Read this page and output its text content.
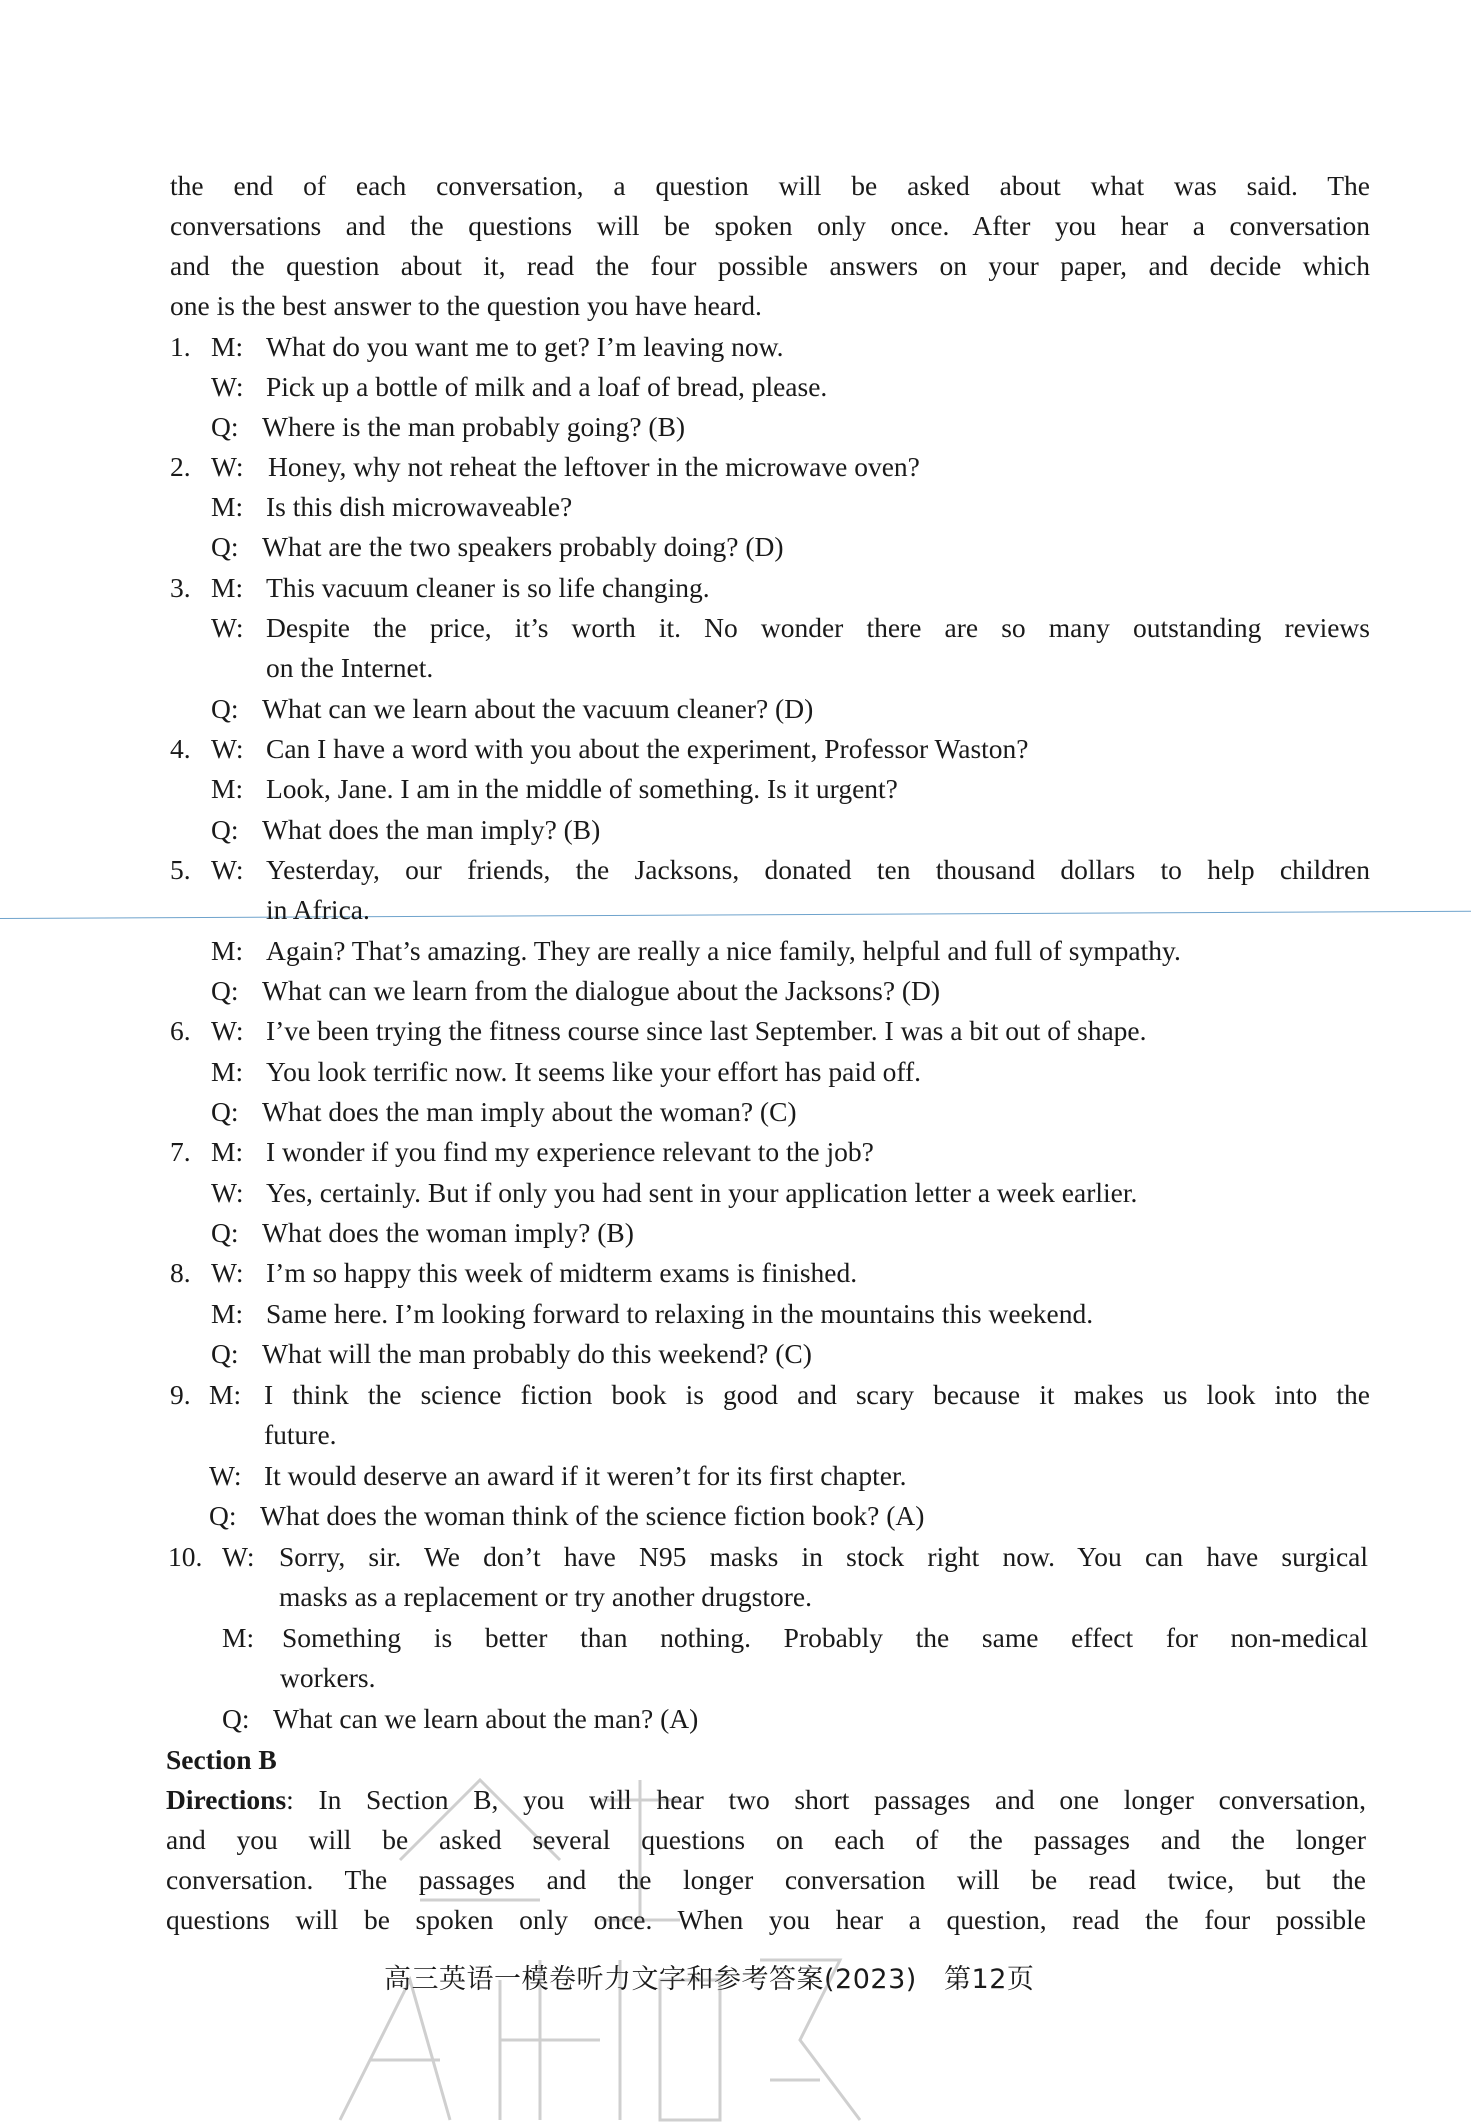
the end of each conversation, a question will be asked about what was said. The
conversations and the questions will be spoken only once. After you hear a conversation
and the question about it, read the four possible answers on your paper, and decide which
one is the best answer to the question you have heard.
1. M: What do you want me to get? I’m leaving now.
W: Pick up a bottle of milk and a loaf of bread, please.
Q: Where is the man probably going? (B)
2. W: Honey, why not reheat the leftover in the microwave oven?
M: Is this dish microwaveable?
Q: What are the two speakers probably doing? (D)
3. M: This vacuum cleaner is so life changing.
W: Despite the price, it’s worth it. No wonder there are so many outstanding reviews
on the Internet.
Q: What can we learn about the vacuum cleaner? (D)
4. W: Can I have a word with you about the experiment, Professor Waston?
M: Look, Jane. I am in the middle of something. Is it urgent?
Q: What does the man imply? (B)
5. W: Yesterday, our friends, the Jacksons, donated ten thousand dollars to help children
in Africa.
M: Again? That’s amazing. They are really a nice family, helpful and full of sympathy.
Q: What can we learn from the dialogue about the Jacksons? (D)
6. W: I’ve been trying the fitness course since last September. I was a bit out of shape.
M: You look terrific now. It seems like your effort has paid off.
Q: What does the man imply about the woman? (C)
7. M: I wonder if you find my experience relevant to the job?
W: Yes, certainly. But if only you had sent in your application letter a week earlier.
Q: What does the woman imply? (B)
8. W: I’m so happy this week of midterm exams is finished.
M: Same here. I’m looking forward to relaxing in the mountains this weekend.
Q: What will the man probably do this weekend? (C)
9. M: I think the science fiction book is good and scary because it makes us look into the
future.
W: It would deserve an award if it weren’t for its first chapter.
Q: What does the woman think of the science fiction book? (A)
10. W: Sorry, sir. We don’t have N95 masks in stock right now. You can have surgical
masks as a replacement or try another drugstore.
M: Something is better than nothing. Probably the same effect for non-medical
workers.
Q: What can we learn about the man? (A)
Section B
Directions : In Section B, you will hear two short passages and one longer conversation,
and you will be asked several questions on each of the passages and the longer
conversation. The passages and the longer conversation will be read twice, but the
questions will be spoken only once. When you hear a question, read the four possible
高三英语一模卷听力文字和参考答案(2023)   第12页
